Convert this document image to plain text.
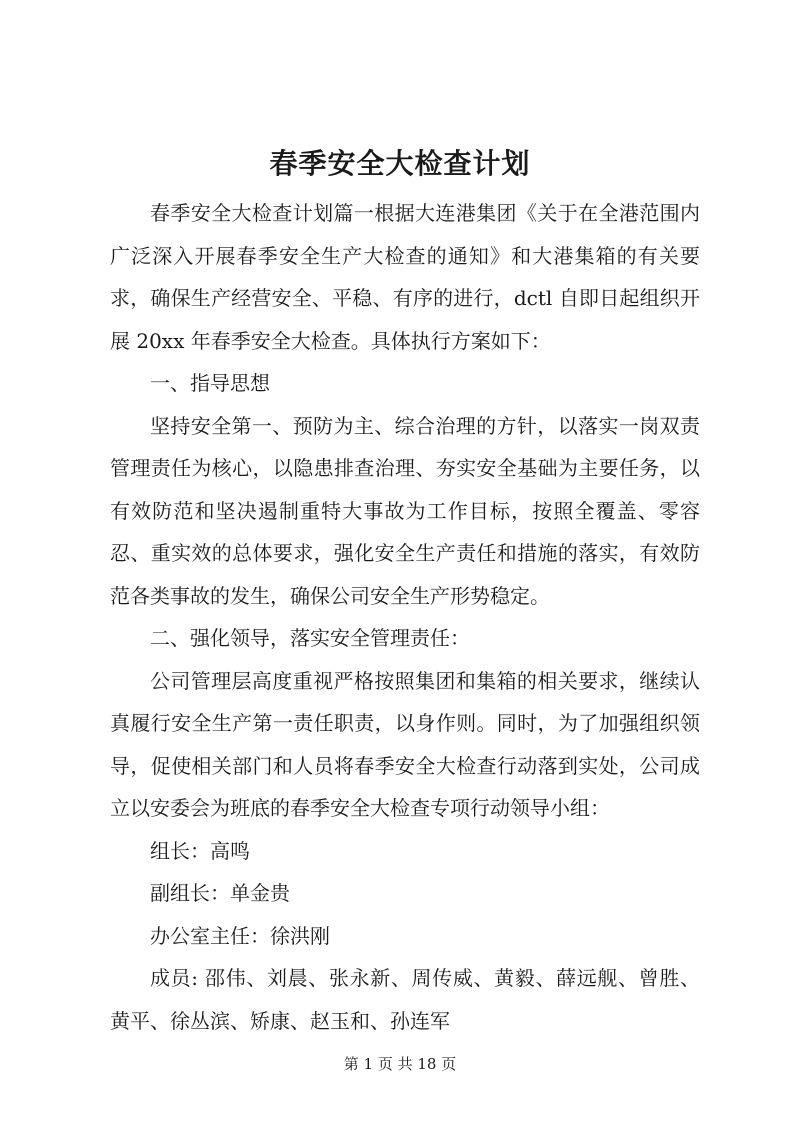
春季安全大检查计划

春季安全大检查计划篇一根据大连港集团《关于在全港范围内广泛深入开展春季安全生产大检查的通知》和大港集箱的有关要求，确保生产经营安全、平稳、有序的进行，dctl 自即日起组织开展 20xx 年春季安全大检查。具体执行方案如下：

一、指导思想

坚持安全第一、预防为主、综合治理的方针，以落实一岗双责管理责任为核心，以隐患排查治理、夯实安全基础为主要任务，以有效防范和坚决遏制重特大事故为工作目标，按照全覆盖、零容忍、重实效的总体要求，强化安全生产责任和措施的落实，有效防范各类事故的发生，确保公司安全生产形势稳定。

二、强化领导，落实安全管理责任：

公司管理层高度重视严格按照集团和集箱的相关要求，继续认真履行安全生产第一责任职责，以身作则。同时，为了加强组织领导，促使相关部门和人员将春季安全大检查行动落到实处，公司成立以安委会为班底的春季安全大检查专项行动领导小组：

组长：高鸣

副组长：单金贵

办公室主任：徐洪刚

成员: 邵伟、刘晨、张永新、周传威、黄毅、薛远舰、曾胜、黄平、徐丛滨、矫康、赵玉和、孙连军

第 1 页 共 18 页
